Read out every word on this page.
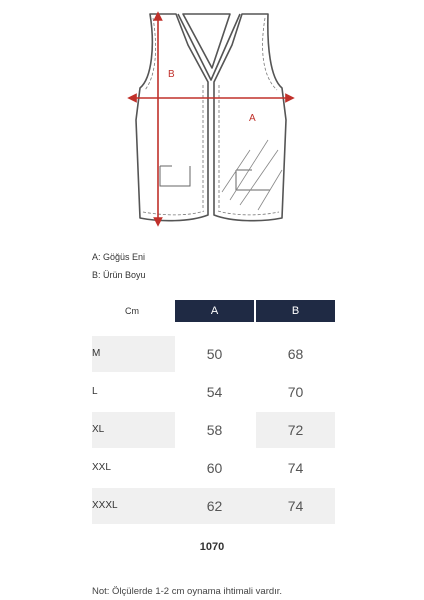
B
A
A: Göğüs Eni
B: Ürün Boyu
Cm	A	B
M	50	68
L	54	70
XL	58	72
XXL	60	74
XXXL	62	74
1070
Not: Ölçülerde 1-2 cm oynama ihtimali vardır.
